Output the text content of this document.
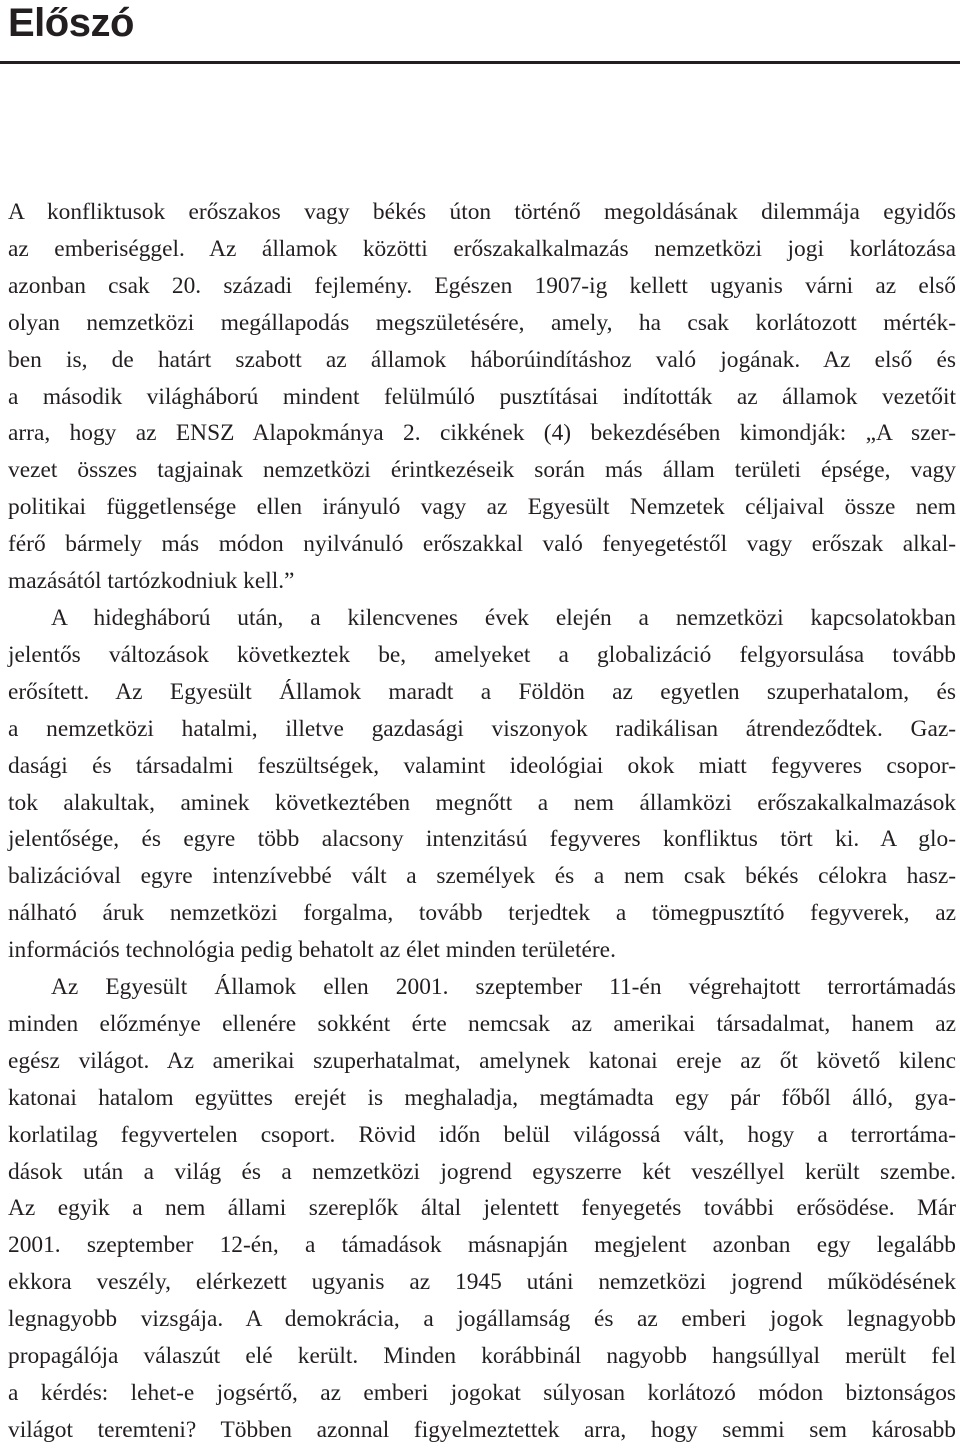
Előszó

A konfliktusok erőszakos vagy békés úton történő megoldásának dilemmája egyidős
az emberiséggel. Az államok közötti erőszakalkalmazás nemzetközi jogi korlátozása
azonban csak 20. századi fejlemény. Egészen 1907-ig kellett ugyanis várni az első
olyan nemzetközi megállapodás megszületésére, amely, ha csak korlátozott mérték-
ben is, de határt szabott az államok háborúindításhoz való jogának. Az első és
a második világháború mindent felülmúló pusztításai indították az államok vezetőit
arra, hogy az ENSZ Alapokmánya 2. cikkének (4) bekezdésében kimondják: „A szer-
vezet összes tagjainak nemzetközi érintkezéseik során más állam területi épsége, vagy
politikai függetlensége ellen irányuló vagy az Egyesült Nemzetek céljaival össze nem
férő bármely más módon nyilvánuló erőszakkal való fenyegetéstől vagy erőszak alkal-
mazásától tartózkodniuk kell.”

A hidegháború után, a kilencvenes évek elején a nemzetközi kapcsolatokban
jelentős változások következtek be, amelyeket a globalizáció felgyorsulása tovább
erősített. Az Egyesült Államok maradt a Földön az egyetlen szuperhatalom, és
a nemzetközi hatalmi, illetve gazdasági viszonyok radikálisan átrendeződtek. Gaz-
dasági és társadalmi feszültségek, valamint ideológiai okok miatt fegyveres csopor-
tok alakultak, aminek következtében megnőtt a nem államközi erőszakalkalmazások
jelentősége, és egyre több alacsony intenzitású fegyveres konfliktus tört ki. A glo-
balizációval egyre intenzívebbé vált a személyek és a nem csak békés célokra hasz-
nálható áruk nemzetközi forgalma, tovább terjedtek a tömegpusztító fegyverek, az
információs technológia pedig behatolt az élet minden területére.

Az Egyesült Államok ellen 2001. szeptember 11-én végrehajtott terrortámadás
minden előzménye ellenére sokként érte nemcsak az amerikai társadalmat, hanem az
egész világot. Az amerikai szuperhatalmat, amelynek katonai ereje az őt követő kilenc
katonai hatalom együttes erejét is meghaladja, megtámadta egy pár főből álló, gya-
korlatilag fegyvertelen csoport. Rövid időn belül világossá vált, hogy a terrortáma-
dások után a világ és a nemzetközi jogrend egyszerre két veszéllyel került szembe.
Az egyik a nem állami szereplők által jelentett fenyegetés további erősödése. Már
2001. szeptember 12-én, a támadások másnapján megjelent azonban egy legalább
ekkora veszély, elérkezett ugyanis az 1945 utáni nemzetközi jogrend működésének
legnagyobb vizsgája. A demokrácia, a jogállamság és az emberi jogok legnagyobb
propagálója válaszút elé került. Minden korábbinál nagyobb hangsúllyal merült fel
a kérdés: lehet-e jogsértő, az emberi jogokat súlyosan korlátozó módon biztonságos
világot teremteni? Többen azonnal figyelmeztettek arra, hogy semmi sem károsabb
